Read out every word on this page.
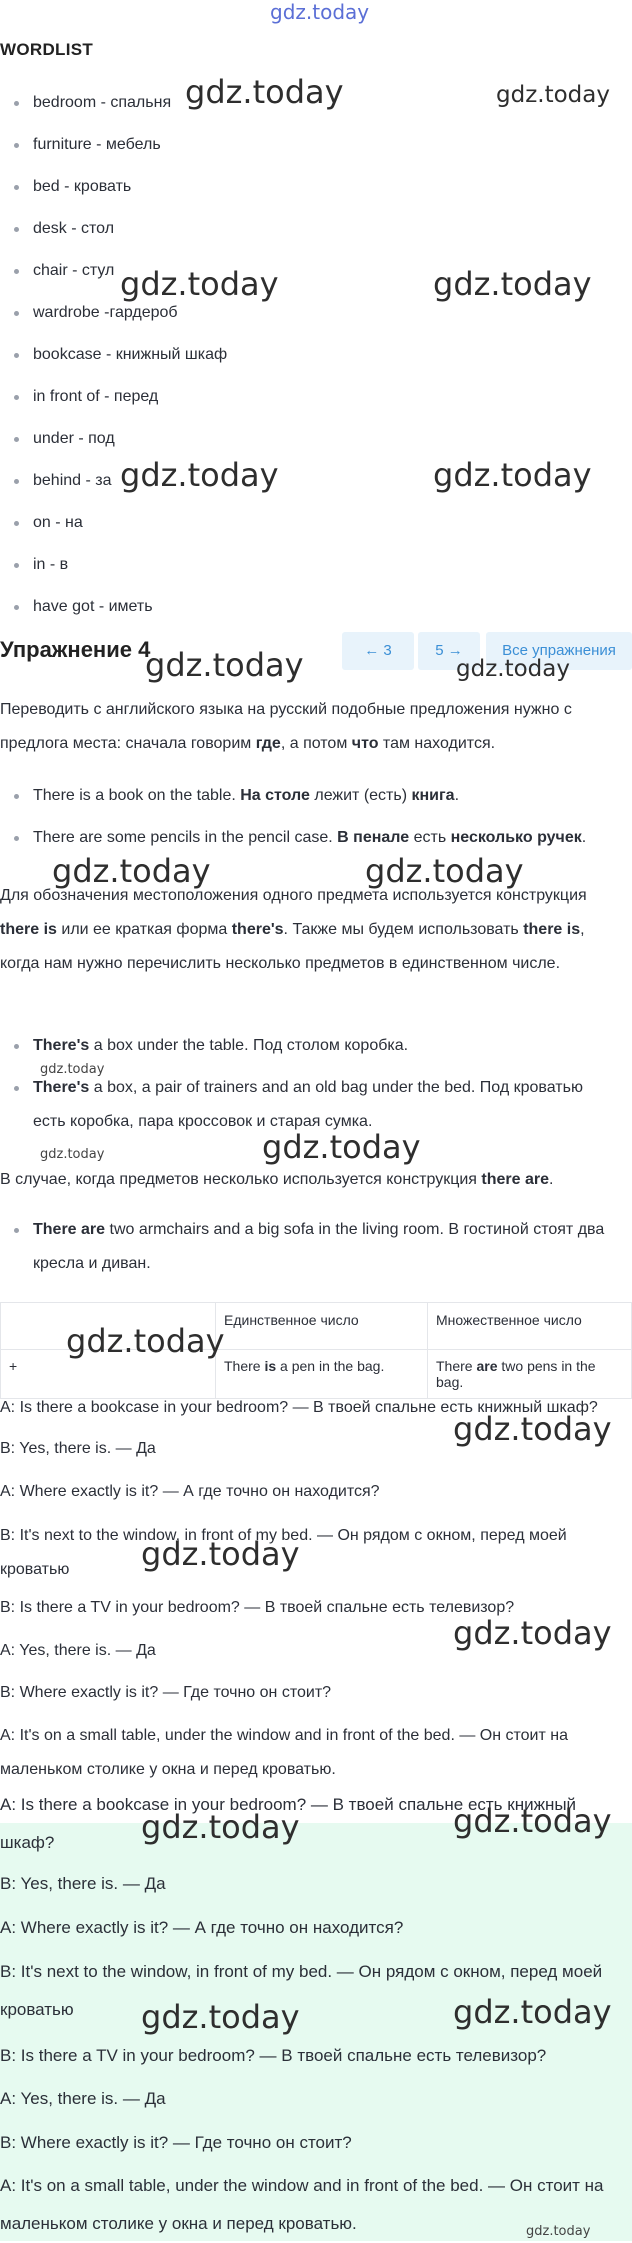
gdz.today
WORDLIST
bedroom - спальня
furniture - мебель
bed - кровать
desk - стол
chair - стул
wardrobe -гардероб
bookcase - книжный шкаф
in front of - перед
under - под
behind - за
on - на
in - в
have got - иметь
Упражнение 4	← 3	5 →	Все упражнения
Переводить с английского языка на русский подобные предложения нужно с предлога места: сначала говорим где, а потом что там находится.
There is a book on the table. На столе лежит (есть) книга.
There are some pencils in the pencil case. В пенале есть несколько ручек.
Для обозначения местоположения одного предмета используется конструкция there is или ее краткая форма there's. Также мы будем использовать there is, когда нам нужно перечислить несколько предметов в единственном числе.
There's a box under the table. Под столом коробка.
There's a box, a pair of trainers and an old bag under the bed. Под кроватью есть коробка, пара кроссовок и старая сумка.
В случае, когда предметов несколько используется конструкция there are.
There are two armchairs and a big sofa in the living room. В гостиной стоят два кресла и диван.
	Единственное число	Множественное число
+	There is a pen in the bag.	There are two pens in the bag.
A: Is there a bookcase in your bedroom? — В твоей спальне есть книжный шкаф?
B: Yes, there is. — Да
A: Where exactly is it? — А где точно он находится?
B: It's next to the window, in front of my bed. — Он рядом с окном, перед моей кроватью
B: Is there a TV in your bedroom? — В твоей спальне есть телевизор?
A: Yes, there is. — Да
B: Where exactly is it? — Где точно он стоит?
A: It's on a small table, under the window and in front of the bed. — Он стоит на маленьком столике у окна и перед кроватью.
A: Is there a bookcase in your bedroom? — В твоей спальне есть книжный шкаф?
B: Yes, there is. — Да
A: Where exactly is it? — А где точно он находится?
B: It's next to the window, in front of my bed. — Он рядом с окном, перед моей кроватью
B: Is there a TV in your bedroom? — В твоей спальне есть телевизор?
A: Yes, there is. — Да
B: Where exactly is it? — Где точно он стоит?
A: It's on a small table, under the window and in front of the bed. — Он стоит на маленьком столике у окна и перед кроватью.
gdz.today	gdz.today
gdz.today	gdz.today
gdz.today	gdz.today
gdz.today	gdz.today
gdz.today	gdz.today
gdz.today
gdz.today
gdz.today
gdz.today
gdz.today
gdz.today
gdz.today
gdz.today	gdz.today
gdz.today	gdz.today
gdz.today
